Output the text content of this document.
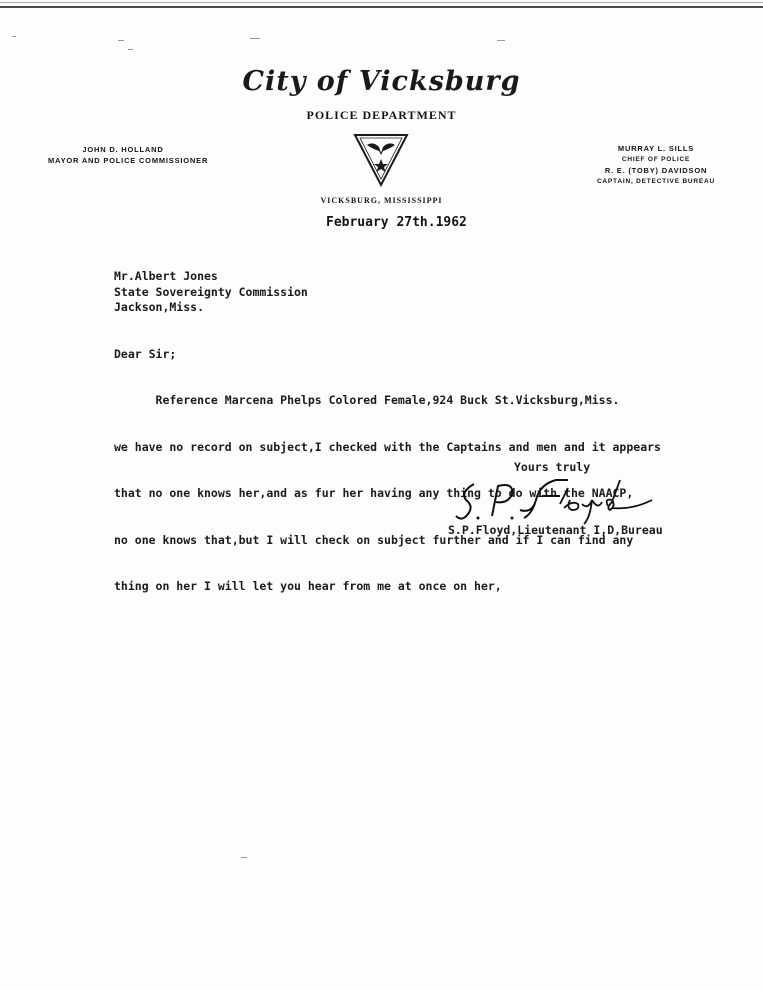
City of Vicksburg
POLICE DEPARTMENT
JOHN D. HOLLAND
MAYOR AND POLICE COMMISSIONER
MURRAY L. SILLS
CHIEF OF POLICE
R. E. (TOBY) DAVIDSON
CAPTAIN, DETECTIVE BUREAU
VICKSBURG, MISSISSIPPI
February 27th.1962
Mr.Albert Jones
State Sovereignty Commission
Jackson,Miss.
Dear Sir;

Reference Marcena Phelps Colored Female,924 Buck St.Vicksburg,Miss.

we have no record on subject,I checked with the Captains and men and it appears

that no one knows her,and as fur her having any thing to do with the NAACP,

no one knows that,but I will check on subject further and if I can find any

thing on her I will let you hear from me at once on her,

Yours truly
S.P.Floyd,Lieutenant I,D,Bureau
